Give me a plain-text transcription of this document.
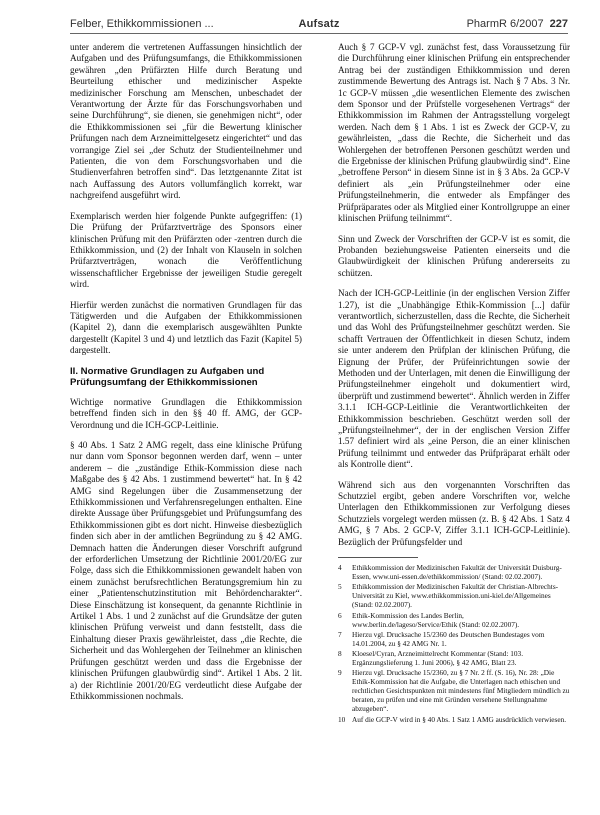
Felber, Ethikkommissionen ...	Aufsatz	PharmR 6/2007 227

unter anderem die vertretenen Auffassungen hinsichtlich der Aufgaben und des Prüfungsumfangs, die Ethikkommissionen gewähren „den Prüfärzten Hilfe durch Beratung und Beurteilung ethischer und medizinischer Aspekte medizinischer Forschung am Menschen, unbeschadet der Verantwortung der Ärzte für das Forschungsvorhaben und seine Durchführung“, sie dienen, sie genehmigen nicht“, oder die Ethikkommissionen sei „für die Bewertung klinischer Prüfungen nach dem Arzneimittelgesetz eingerichtet“ und das vorrangige Ziel sei „der Schutz der Studienteilnehmer und Patienten, die von dem Forschungsvorhaben und die Studienverfahren betroffen sind“. Das letztgenannte Zitat ist nach Auffassung des Autors vollumfänglich korrekt, war nachgreifend ausgeführt wird.

Exemplarisch werden hier folgende Punkte aufgegriffen: (1) Die Prüfung der Prüfarztverträge des Sponsors einer klinischen Prüfung mit den Prüfärzten oder -zentren durch die Ethikkommission, und (2) der Inhalt von Klauseln in solchen Prüfarztverträgen, wonach die Veröffentlichung wissenschaftlicher Ergebnisse der jeweiligen Studie geregelt wird.

Hierfür werden zunächst die normativen Grundlagen für das Tätigwerden und die Aufgaben der Ethikkommissionen (Kapitel 2), dann die exemplarisch ausgewählten Punkte dargestellt (Kapitel 3 und 4) und letztlich das Fazit (Kapitel 5) dargestellt.

II. Normative Grundlagen zu Aufgaben und Prüfungsumfang der Ethikkommissionen

Wichtige normative Grundlagen die Ethikkommission betreffend finden sich in den §§ 40 ff. AMG, der GCP-Verordnung und die ICH-GCP-Leitlinie.

§ 40 Abs. 1 Satz 2 AMG regelt, dass eine klinische Prüfung nur dann vom Sponsor begonnen werden darf, wenn – unter anderem – die „zuständige Ethik-Kommission diese nach Maßgabe des § 42 Abs. 1 zustimmend bewertet“ hat. In § 42 AMG sind Regelungen über die Zusammensetzung der Ethikkommissionen und Verfahrensregelungen enthalten. Eine direkte Aussage über Prüfungsgebiet und Prüfungsumfang des Ethikkommissionen gibt es dort nicht. Hinweise diesbezüglich finden sich aber in der amtlichen Begründung zu § 42 AMG. Demnach hatten die Änderungen dieser Vorschrift aufgrund der erforderlichen Umsetzung der Richtlinie 2001/20/EG zur Folge, dass sich die Ethikkommissionen gewandelt haben von einem zunächst berufsrechtlichen Beratungsgremium hin zu einer „Patientenschutzinstitution mit Behördencharakter“. Diese Einschätzung ist konsequent, da genannte Richtlinie in Artikel 1 Abs. 1 und 2 zunächst auf die Grundsätze der guten klinischen Prüfung verweist und dann feststellt, dass die Einhaltung dieser Praxis gewährleistet, dass „die Rechte, die Sicherheit und das Wohlergehen der Teilnehmer an klinischen Prüfungen geschützt werden und dass die Ergebnisse der klinischen Prüfungen glaubwürdig sind“. Artikel 1 Abs. 2 lit. a) der Richtlinie 2001/20/EG verdeutlicht diese Aufgabe der Ethikkommissionen nochmals.

Auch § 7 GCP-V vgl. zunächst fest, dass Voraussetzung für die Durchführung einer klinischen Prüfung ein entsprechender Antrag bei der zuständigen Ethikkommission und deren zustimmende Bewertung des Antrags ist. Nach § 7 Abs. 3 Nr. 1c GCP-V müssen „die wesentlichen Elemente des zwischen dem Sponsor und der Prüfstelle vorgesehenen Vertrags“ der Ethikkommission im Rahmen der Antragsstellung vorgelegt werden. Nach dem § 1 Abs. 1 ist es Zweck der GCP-V, zu gewährleisten, „dass die Rechte, die Sicherheit und das Wohlergehen der betroffenen Personen geschützt werden und die Ergebnisse der klinischen Prüfung glaubwürdig sind“. Eine „betroffene Person“ in diesem Sinne ist in § 3 Abs. 2a GCP-V definiert als „ein Prüfungsteilnehmer oder eine Prüfungsteilnehmerin, die entweder als Empfänger des Prüfpräparates oder als Mitglied einer Kontrollgruppe an einer klinischen Prüfung teilnimmt“.

Sinn und Zweck der Vorschriften der GCP-V ist es somit, die Probanden beziehungsweise Patienten einerseits und die Glaubwürdigkeit der klinischen Prüfung andererseits zu schützen.

Nach der ICH-GCP-Leitlinie (in der englischen Version Ziffer 1.27), ist die „Unabhängige Ethik-Kommission [...] dafür verantwortlich, sicherzustellen, dass die Rechte, die Sicherheit und das Wohl des Prüfungsteilnehmer geschützt werden. Sie schafft Vertrauen der Öffentlichkeit in diesen Schutz, indem sie unter anderem den Prüfplan der klinischen Prüfung, die Eignung der Prüfer, der Prüfeinrichtungen sowie der Methoden und der Unterlagen, mit denen die Einwilligung der Prüfungsteilnehmer eingeholt und dokumentiert wird, überprüft und zustimmend bewertet“. Ähnlich werden in Ziffer 3.1.1 ICH-GCP-Leitlinie die Verantwortlichkeiten der Ethikkommission beschrieben. Geschützt werden soll der „Prüfungsteilnehmer“, der in der englischen Version Ziffer 1.57 definiert wird als „eine Person, die an einer klinischen Prüfung teilnimmt und entweder das Prüfpräparat erhält oder als Kontrolle dient“.

Während sich aus den vorgenannten Vorschriften das Schutzziel ergibt, geben andere Vorschriften vor, welche Unterlagen den Ethikkommissionen zur Verfolgung dieses Schutzziels vorgelegt werden müssen (z. B. § 42 Abs. 1 Satz 4 AMG, § 7 Abs. 2 GCP-V, Ziffer 3.1.1 ICH-GCP-Leitlinie). Bezüglich der Prüfungsfelder und

4	Ethikkommission der Medizinischen Fakultät der Universität Duisburg-Essen, www.uni-essen.de/ethikkommission/ (Stand: 02.02.2007).
5	Ethikkommission der Medizinischen Fakultät der Christian-Albrechts-Universität zu Kiel, www.ethikkommission.uni-kiel.de/Allgemeines (Stand: 02.02.2007).
6	Ethik-Kommission des Landes Berlin, www.berlin.de/lageso/Service/Ethik (Stand: 02.02.2007).
7	Hierzu vgl. Drucksache 15/2360 des Deutschen Bundestages vom 14.01.2004, zu § 42 AMG Nr. 1.
8	Kloesel/Cyran, Arzneimittelrecht Kommentar (Stand: 103. Ergänzungslieferung 1. Juni 2006), § 42 AMG, Blatt 23.
9	Hierzu vgl. Drucksache 15/2360, zu § 7 Nr. 2 ff. (S. 16), Nr. 28: „Die Ethik-Kommission hat die Aufgabe, die Unterlagen nach ethischen und rechtlichen Gesichtspunkten mit mindestens fünf Mitgliedern mündlich zu beraten, zu prüfen und eine mit Gründen versehene Stellungnahme abzugeben“.
10 Auf die GCP-V wird in § 40 Abs. 1 Satz 1 AMG ausdrücklich verwiesen.
